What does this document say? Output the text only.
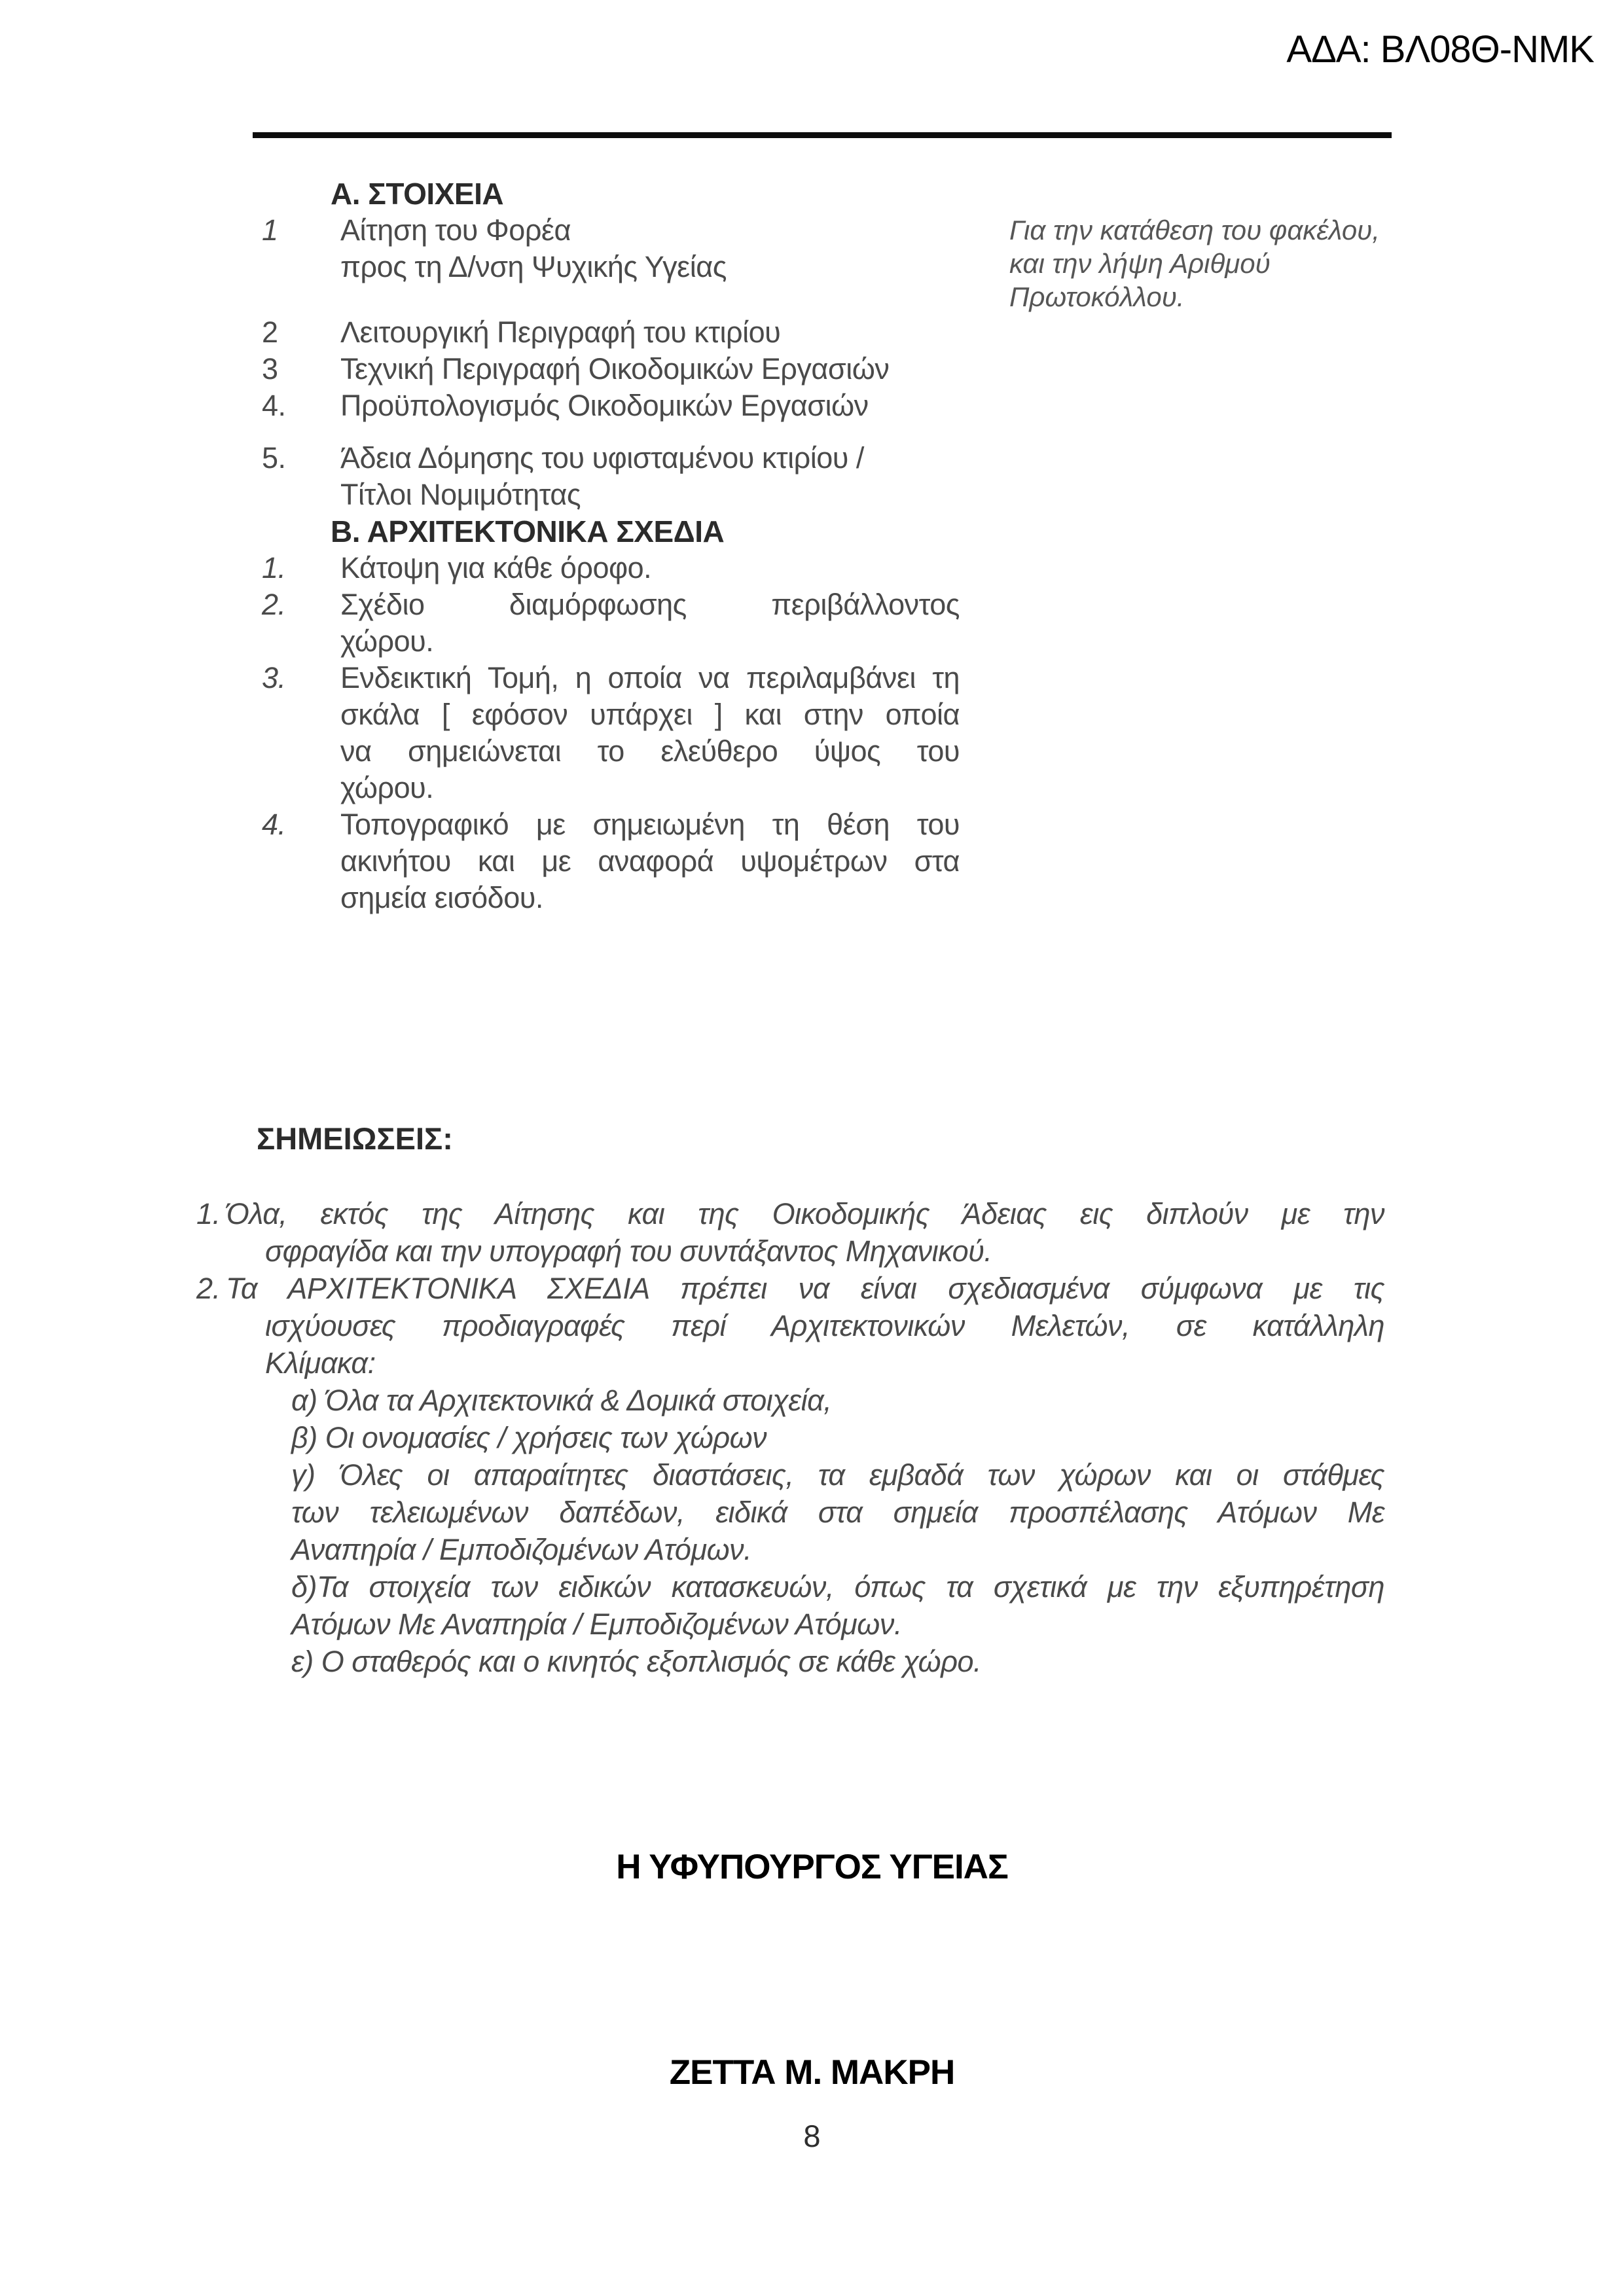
ΑΔΑ: ΒΛ08Θ-ΝΜΚ
Α. ΣΤΟΙΧΕΙΑ
1	Αίτηση του Φορέα
προς τη Δ/νση Ψυχικής Υγείας
2	Λειτουργική Περιγραφή του κτιρίου
3	Τεχνική Περιγραφή Οικοδομικών Εργασιών
4.	Προϋπολογισμός Οικοδομικών Εργασιών
5.	Άδεια Δόμησης του υφισταμένου κτιρίου /
Τίτλοι Νομιμότητας
Β. ΑΡΧΙΤΕΚΤΟΝΙΚΑ ΣΧΕΔΙΑ
1.	Κάτοψη για κάθε όροφο.
2.	Σχέδιο διαμόρφωσης περιβάλλοντος
χώρου.
3.	Ενδεικτική Τομή, η οποία να περιλαμβάνει τη
σκάλα [ εφόσον υπάρχει ] και στην οποία
να σημειώνεται το ελεύθερο ύψος του
χώρου.
4.	Τοπογραφικό με σημειωμένη τη θέση του
ακινήτου και με αναφορά υψομέτρων στα
σημεία εισόδου.
Για την κατάθεση του φακέλου,
και την λήψη Αριθμού
Πρωτοκόλλου.
ΣΗΜΕΙΩΣΕΙΣ:
1. Όλα, εκτός της Αίτησης και της Οικοδομικής Άδειας εις διπλούν με την
σφραγίδα και την υπογραφή του συντάξαντος Μηχανικού.
2. Τα ΑΡΧΙΤΕΚΤΟΝΙΚΑ ΣΧΕΔΙΑ πρέπει να είναι σχεδιασμένα σύμφωνα με τις
ισχύουσες προδιαγραφές περί Αρχιτεκτονικών Μελετών, σε κατάλληλη
Κλίμακα:
α) Όλα τα Αρχιτεκτονικά & Δομικά στοιχεία,
β) Οι ονομασίες / χρήσεις των χώρων
γ) Όλες οι απαραίτητες διαστάσεις, τα εμβαδά των χώρων και οι στάθμες
των τελειωμένων δαπέδων, ειδικά στα σημεία προσπέλασης Ατόμων Με
Αναπηρία / Εμποδιζομένων Ατόμων.
δ)Τα στοιχεία των ειδικών κατασκευών, όπως τα σχετικά με την εξυπηρέτηση
Ατόμων Με Αναπηρία / Εμποδιζομένων Ατόμων.
ε) Ο σταθερός και ο κινητός εξοπλισμός σε κάθε χώρο.
Η ΥΦΥΠΟΥΡΓΟΣ ΥΓΕΙΑΣ
ΖΕΤΤΑ Μ. ΜΑΚΡΗ
8
